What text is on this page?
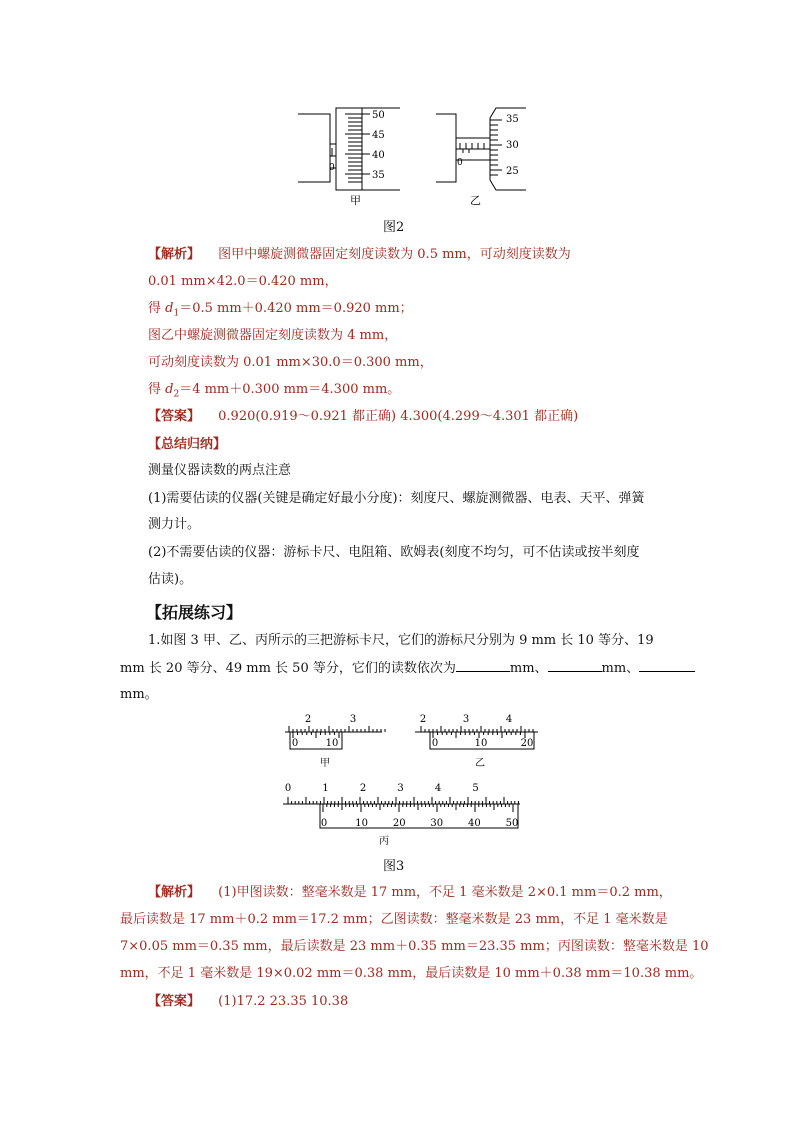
50
45
40
35
0
甲
35
30
25
0
乙
图2
【解析】 图甲中螺旋测微器固定刻度读数为 0.5 mm，可动刻度读数为
0.01 mm×42.0＝0.420 mm，
得 $d_1=0.5$ mm＋0.420 mm＝0.920 mm；
图乙中螺旋测微器固定刻度读数为 4 mm，
可动刻度读数为 0.01 mm×30.0＝0.300 mm，
得 $d_2=4$ mm＋0.300 mm＝4.300 mm。
【答案】 0.920(0.919～0.921 都正确) 4.300(4.299～4.301 都正确)
【总结归纳】
测量仪器读数的两点注意
(1)需要估读的仪器(关键是确定好最小分度)：刻度尺、螺旋测微器、电表、天平、弹簧
测力计。
(2)不需要估读的仪器：游标卡尺、电阻箱、欧姆表(刻度不均匀，可不估读或按半刻度
估读)。
【拓展练习】
1.如图 3 甲、乙、丙所示的三把游标卡尺，它们的游标尺分别为 9 mm 长 10 等分、19
mm 长 20 等分、49 mm 长 50 等分，它们的读数依次为	mm、	mm、
mm。
2	3
0	10
甲
2	3	4
0	10	20
乙
0	1	2	3	4	5
0	10 20 30 40 50
丙
图3
【解析】 (1)甲图读数：整毫米数是 17 mm，不足 1 毫米数是 2×0.1 mm＝0.2 mm，
最后读数是 17 mm＋0.2 mm＝17.2 mm；乙图读数：整毫米数是 23 mm，不足 1 毫米数是
7×0.05 mm＝0.35 mm，最后读数是 23 mm＋0.35 mm＝23.35 mm；丙图读数：整毫米数是 10
mm，不足 1 毫米数是 19×0.02 mm＝0.38 mm，最后读数是 10 mm＋0.38 mm＝10.38 mm。
【答案】 (1)17.2 23.35 10.38
